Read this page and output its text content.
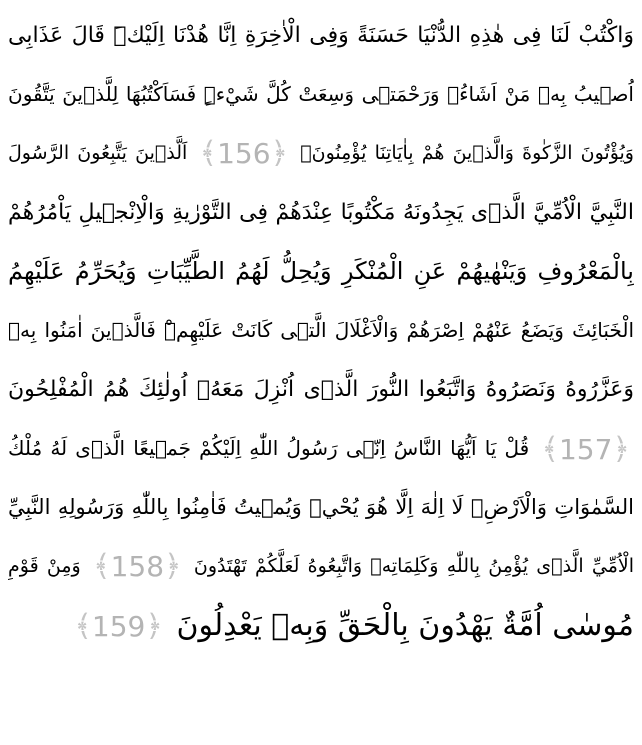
وَاكْتُبْ لَنَا فِى هٰذِهِ الدُّنْيَا حَسَنَةً وَفِى الْاٰخِرَةِ اِنَّا هُدْنَا اِلَيْكَۜ قَالَ عَذَابِى
اُصٖيبُ بِهٖ مَنْ اَشَاءُۚ وَرَحْمَتٖى وَسِعَتْ كُلَّ شَيْءٍۜ فَسَاَكْتُبُهَا لِلَّذٖينَ يَتَّقُونَ
وَيُؤْتُونَ الزَّكٰوةَ وَالَّذٖينَ هُمْ بِاٰيَاتِنَا يُؤْمِنُونَۚ ﴾156﴿ اَلَّذٖينَ يَتَّبِعُونَ الرَّسُولَ
النَّبِيَّ الْاُمِّيَّ الَّذٖى يَجِدُونَهُ مَكْتُوبًا عِنْدَهُمْ فِى التَّوْرٰيةِ وَالْاِنْجٖيلِ يَاْمُرُهُمْ
بِالْمَعْرُوفِ وَيَنْهٰيهُمْ عَنِ الْمُنْكَرِ وَيُحِلُّ لَهُمُ الطَّيِّبَاتِ وَيُحَرِّمُ عَلَيْهِمُ
الْخَبَائِثَ وَيَضَعُ عَنْهُمْ اِصْرَهُمْ وَالْاَغْلَالَ الَّتٖى كَانَتْ عَلَيْهِمْۜ فَالَّذٖينَ اٰمَنُوا بِهٖ
وَعَزَّرُوهُ وَنَصَرُوهُ وَاتَّبَعُوا النُّورَ الَّذٖى اُنْزِلَ مَعَهُۙ اُولٰئِكَ هُمُ الْمُفْلِحُونَ
﴾157﴿ قُلْ يَا اَيُّهَا النَّاسُ اِنّٖى رَسُولُ اللّٰهِ اِلَيْكُمْ جَمٖيعًا الَّذٖى لَهُ مُلْكُ
السَّمٰوَاتِ وَالْاَرْضِۚ لَا اِلٰهَ اِلَّا هُوَ يُحْيٖ وَيُمٖيتُ فَاٰمِنُوا بِاللّٰهِ وَرَسُولِهِ النَّبِيِّ
الْاُمِّيِّ الَّذٖى يُؤْمِنُ بِاللّٰهِ وَكَلِمَاتِهٖ وَاتَّبِعُوهُ لَعَلَّكُمْ تَهْتَدُونَ ﴾158﴿ وَمِنْ قَوْمِ
مُوسٰى اُمَّةٌ يَهْدُونَ بِالْحَقِّ وَبِهٖ يَعْدِلُونَ ﴾159﴿
